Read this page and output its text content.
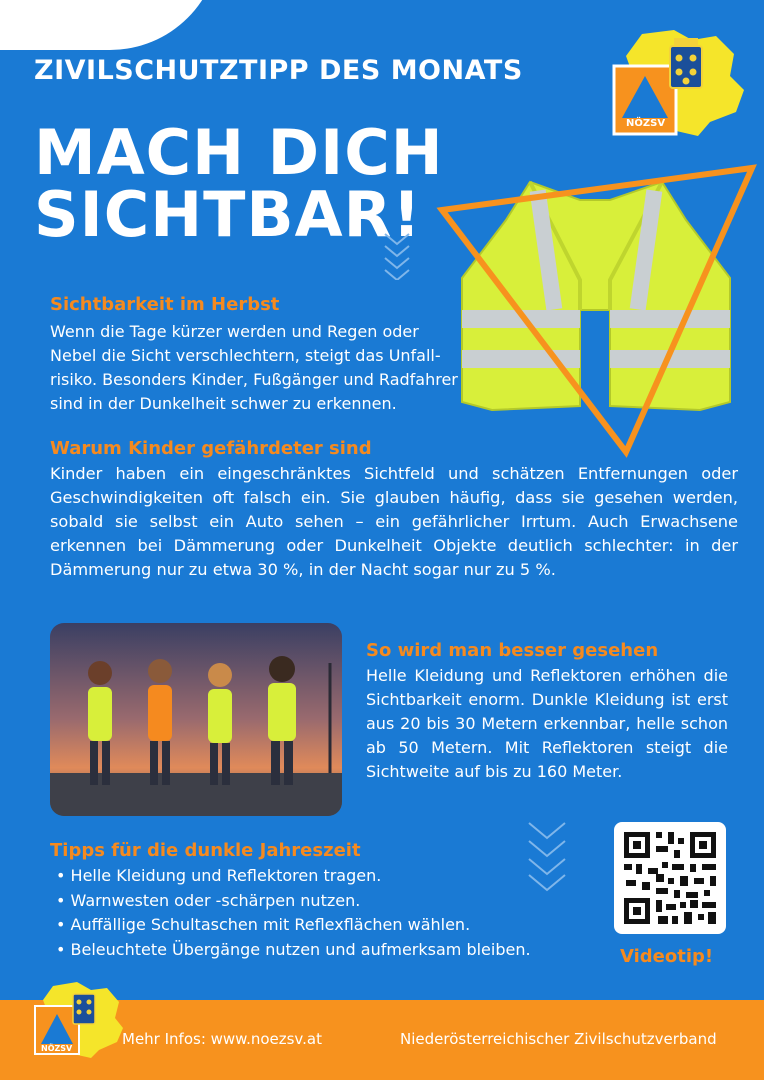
NÖZSV
ZIVILSCHUTZTIPP DES MONATS
MACH DICH
SICHTBAR!
Sichtbarkeit im Herbst
Wenn die Tage kürzer werden und Regen oder
Nebel die Sicht verschlechtern, steigt das Unfall-
risiko. Besonders Kinder, Fußgänger und Radfahrer
sind in der Dunkelheit schwer zu erkennen.
Warum Kinder gefährdeter sind
Kinder haben ein eingeschränktes Sichtfeld und schätzen Entfernungen oder Geschwindigkeiten oft falsch ein. Sie glauben häufig, dass sie gesehen werden, sobald sie selbst ein Auto sehen – ein gefährlicher Irrtum. Auch Erwachsene erkennen bei Dämmerung oder Dunkelheit Objekte deutlich schlechter: in der Dämmerung nur zu etwa 30 %, in der Nacht sogar nur zu 5 %.
So wird man besser gesehen
Helle Kleidung und Reflektoren erhöhen die Sichtbarkeit enorm. Dunkle Kleidung ist erst aus 20 bis 30 Metern erkennbar, helle schon ab 50 Metern. Mit Reflektoren steigt die Sichtweite auf bis zu 160 Meter.
Tipps für die dunkle Jahreszeit
• Helle Kleidung und Reflektoren tragen.
• Warnwesten oder -schärpen nutzen.
• Auffällige Schultaschen mit Reflexflächen wählen.
• Beleuchtete Übergänge nutzen und aufmerksam bleiben.	Videotip!
NÖZSV
Mehr Infos: www.noezsv.at	Niederösterreichischer Zivilschutzverband
